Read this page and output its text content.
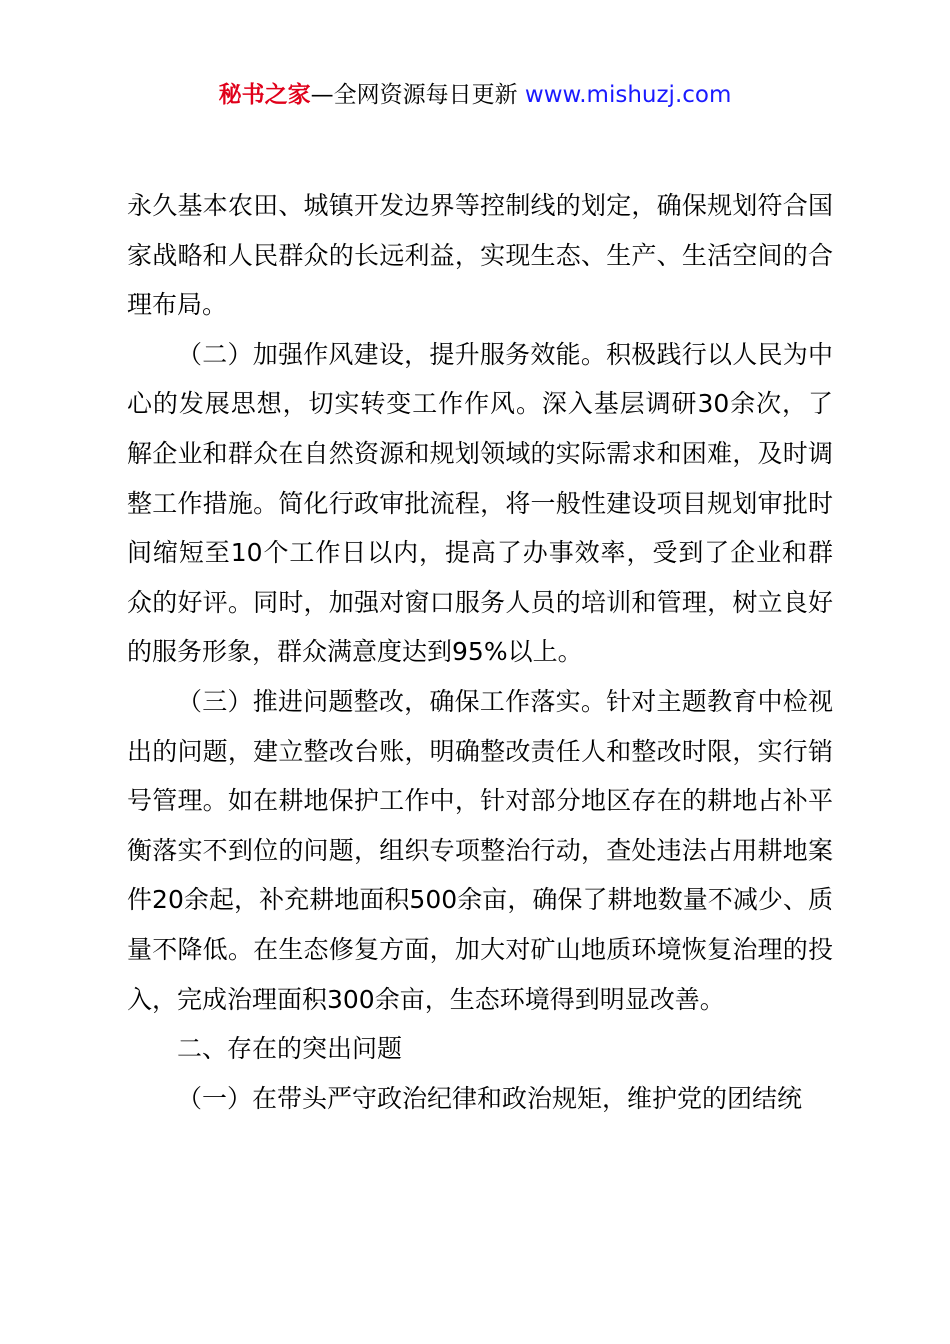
秘书之家—全网资源每日更新 www.mishuzj.com

永久基本农田、城镇开发边界等控制线的划定，确保规划符合国家战略和人民群众的长远利益，实现生态、生产、生活空间的合理布局。

（二）加强作风建设，提升服务效能。积极践行以人民为中心的发展思想，切实转变工作作风。深入基层调研30余次，了解企业和群众在自然资源和规划领域的实际需求和困难，及时调整工作措施。简化行政审批流程，将一般性建设项目规划审批时间缩短至10个工作日以内，提高了办事效率，受到了企业和群众的好评。同时，加强对窗口服务人员的培训和管理，树立良好的服务形象，群众满意度达到95%以上。

（三）推进问题整改，确保工作落实。针对主题教育中检视出的问题，建立整改台账，明确整改责任人和整改时限，实行销号管理。如在耕地保护工作中，针对部分地区存在的耕地占补平衡落实不到位的问题，组织专项整治行动，查处违法占用耕地案件20余起，补充耕地面积500余亩，确保了耕地数量不减少、质量不降低。在生态修复方面，加大对矿山地质环境恢复治理的投入，完成治理面积300余亩，生态环境得到明显改善。

二、存在的突出问题

（一）在带头严守政治纪律和政治规矩，维护党的团结统
